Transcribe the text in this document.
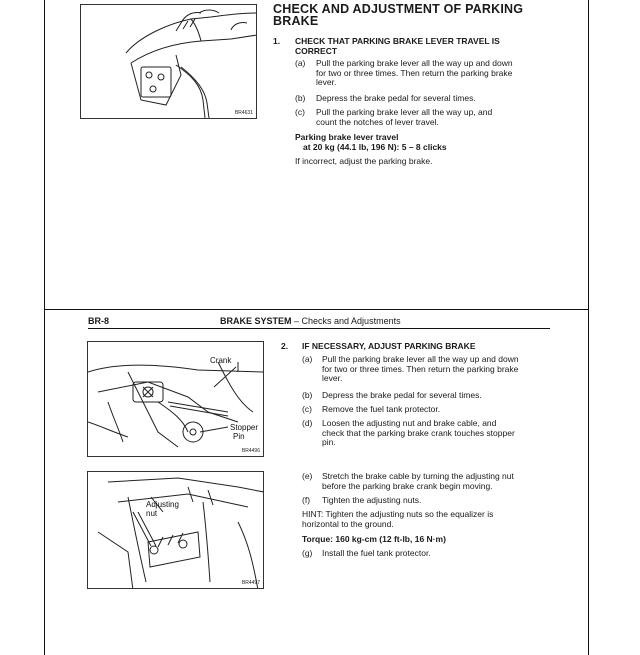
BR4631
CHECK AND ADJUSTMENT OF PARKING
BRAKE
1. CHECK THAT PARKING BRAKE LEVER TRAVEL IS
CORRECT
(a) Pull the parking brake lever all the way up and down
for two or three times. Then return the parking brake
lever.
(b) Depress the brake pedal for several times.
(c) Pull the parking brake lever all the way up, and
count the notches of lever travel.
Parking brake lever travel
at 20 kg (44.1 lb, 196 N): 5 – 8 clicks
If incorrect, adjust the parking brake.
BR-8	BRAKE SYSTEM – Checks and Adjustments
Crank
Stopper
Pin
BR4496
Adjusting
nut
BR4497
2. IF NECESSARY, ADJUST PARKING BRAKE
(a) Pull the parking brake lever all the way up and down
for two or three times. Then return the parking brake
lever.
(b) Depress the brake pedal for several times.
(c) Remove the fuel tank protector.
(d) Loosen the adjusting nut and brake cable, and
check that the parking brake crank touches stopper
pin.
(e) Stretch the brake cable by turning the adjusting nut
before the parking brake crank begin moving.
(f) Tighten the adjusting nuts.
HINT: Tighten the adjusting nuts so the equalizer is
horizontal to the ground.
Torque: 160 kg-cm (12 ft-lb, 16 N·m)
(g) Install the fuel tank protector.
